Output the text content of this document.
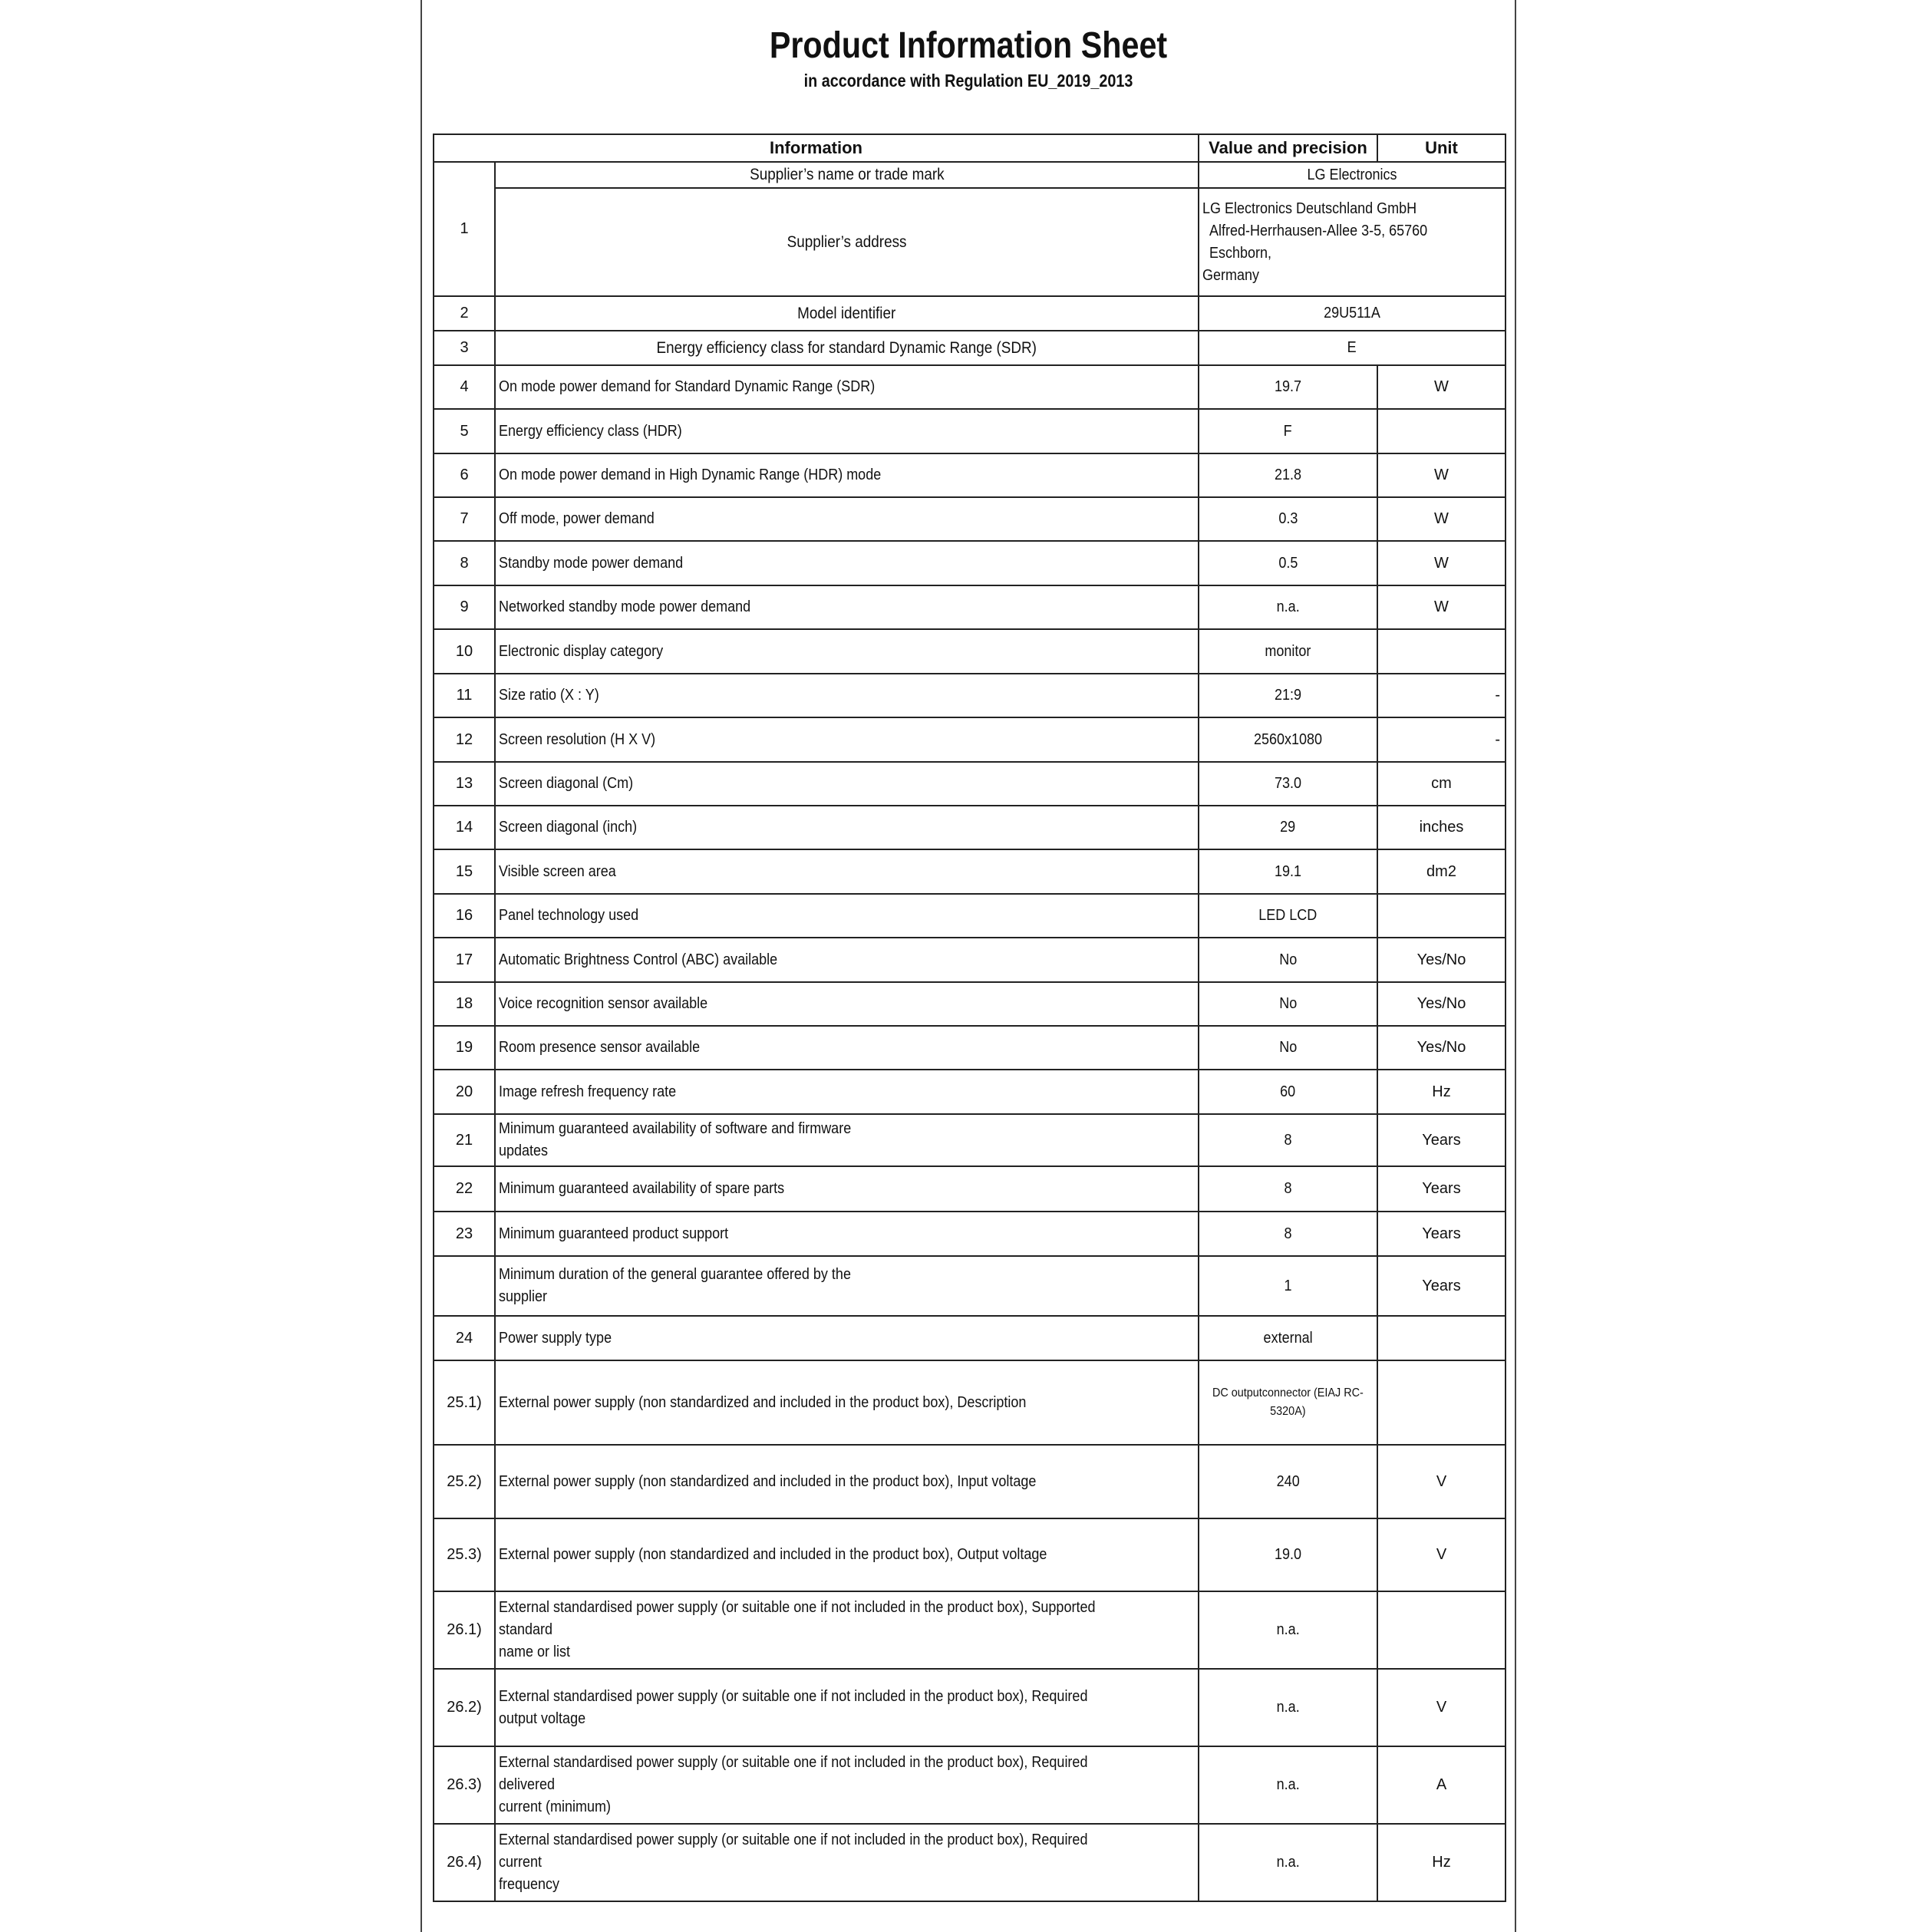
Product Information Sheet
in accordance with Regulation EU_2019_2013
Information		Value and precision	Unit
1	Supplier’s name or trade mark	LG Electronics	
	Supplier’s address	LG Electronics Deutschland GmbH
Alfred-Herrhausen-Allee 3-5, 65760 Eschborn,
Germany	
2	Model identifier	29U511A	
3	Energy efficiency class for standard Dynamic Range (SDR)	E	
4	On mode power demand for Standard Dynamic Range (SDR)	19.7	W
5	Energy efficiency class (HDR)	F	
6	On mode power demand in High Dynamic Range (HDR) mode	21.8	W
7	Off mode, power demand	0.3	W
8	Standby mode power demand	0.5	W
9	Networked standby mode power demand	n.a.	W
10	Electronic display category	monitor	
11	Size ratio (X : Y)	21:9	-
12	Screen resolution (H X V)	2560x1080	-
13	Screen diagonal (Cm)	73.0	cm
14	Screen diagonal (inch)	29	inches
15	Visible screen area	19.1	dm2
16	Panel technology used	LED LCD	
17	Automatic Brightness Control (ABC) available	No	Yes/No
18	Voice recognition sensor available	No	Yes/No
19	Room presence sensor available	No	Yes/No
20	Image refresh frequency rate	60	Hz
21	Minimum guaranteed availability of software and firmware
updates	8	Years
22	Minimum guaranteed availability of spare parts	8	Years
23	Minimum guaranteed product support	8	Years
	Minimum duration of the general guarantee offered by the
supplier	1	Years
24	Power supply type	external	
25.1)	External power supply (non standardized and included in the product box), Description	DC outputconnector (EIAJ RC-
5320A)	
25.2)	External power supply (non standardized and included in the product box), Input voltage	240	V
25.3)	External power supply (non standardized and included in the product box), Output voltage	19.0	V
26.1)	External standardised power supply (or suitable one if not included in the product box), Supported standard
name or list	n.a.	
26.2)	External standardised power supply (or suitable one if not included in the product box), Required output voltage	n.a.	V
26.3)	External standardised power supply (or suitable one if not included in the product box), Required delivered
current (minimum)	n.a.	A
26.4)	External standardised power supply (or suitable one if not included in the product box), Required current
frequency	n.a.	Hz
